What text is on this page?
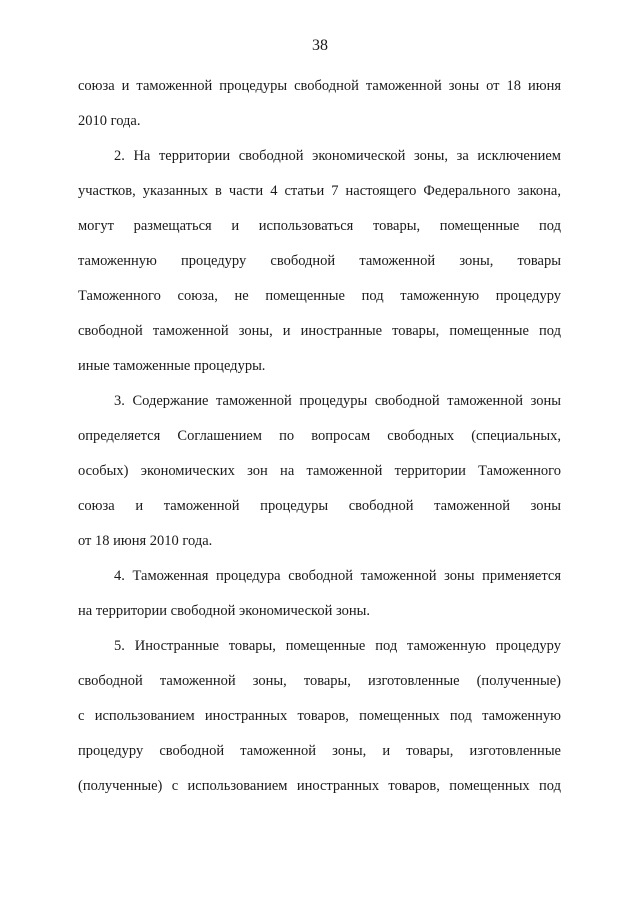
38

союза и таможенной процедуры свободной таможенной зоны от 18 июня

2010 года.

2. На территории свободной экономической зоны, за исключением

участков, указанных в части 4 статьи 7 настоящего Федерального закона,

могут размещаться и использоваться товары, помещенные под

таможенную процедуру свободной таможенной зоны, товары

Таможенного союза, не помещенные под таможенную процедуру

свободной таможенной зоны, и иностранные товары, помещенные под

иные таможенные процедуры.

3. Содержание таможенной процедуры свободной таможенной зоны

определяется Соглашением по вопросам свободных (специальных,

особых) экономических зон на таможенной территории Таможенного

союза и таможенной процедуры свободной таможенной зоны

от 18 июня 2010 года.

4. Таможенная процедура свободной таможенной зоны применяется

на территории свободной экономической зоны.

5. Иностранные товары, помещенные под таможенную процедуру

свободной таможенной зоны, товары, изготовленные (полученные)

с использованием иностранных товаров, помещенных под таможенную

процедуру свободной таможенной зоны, и товары, изготовленные

(полученные) с использованием иностранных товаров, помещенных под
